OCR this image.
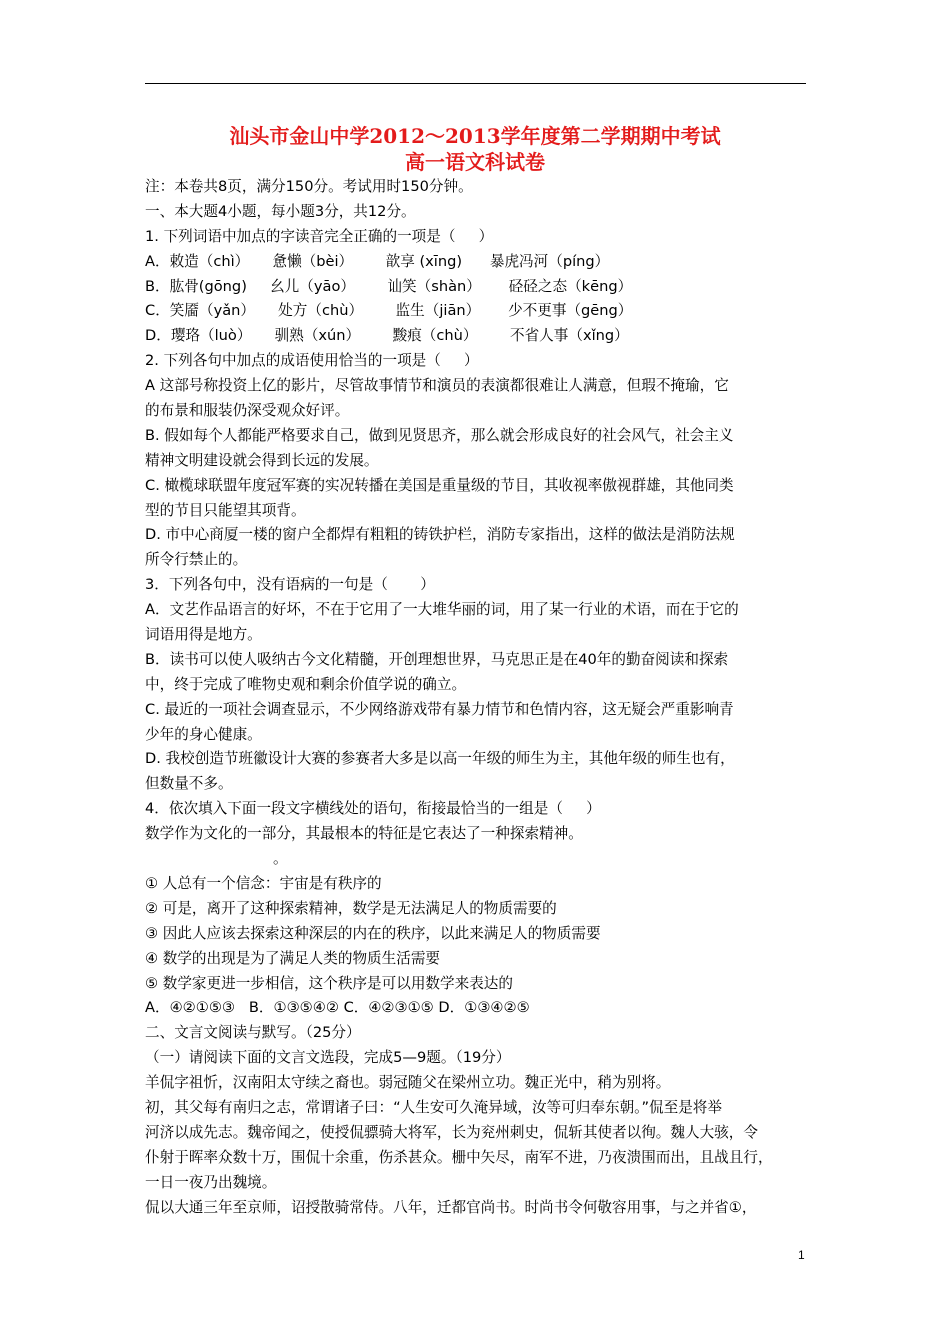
汕头市金山中学2012～2013学年度第二学期期中考试
高一语文科试卷
注：本卷共8页，满分150分。考试用时150分钟。
一、本大题4小题，每小题3分，共12分。
1. 下列词语中加点的字读音完全正确的一项是（     ）
A．敕造（chì）     惫懒（bèi）       歆享 (xīng)      暴虎冯河（píng）
B．肱骨(gōng)     幺儿（yāo）       讪笑（shàn）      硁硁之态（kēng）
C．笑靥（yǎn）     处方（chù）       监生（jiān）      少不更事（gēng）
D．璎珞（luò）     驯熟（xún）       黢痕（chù）       不省人事（xǐng）
2. 下列各句中加点的成语使用恰当的一项是（     ）
A 这部号称投资上亿的影片，尽管故事情节和演员的表演都很难让人满意，但瑕不掩瑜，它
的布景和服装仍深受观众好评。
B. 假如每个人都能严格要求自己，做到见贤思齐，那么就会形成良好的社会风气，社会主义
精神文明建设就会得到长远的发展。
C. 橄榄球联盟年度冠军赛的实况转播在美国是重量级的节目，其收视率傲视群雄，其他同类
型的节目只能望其项背。
D. 市中心商厦一楼的窗户全都焊有粗粗的铸铁护栏，消防专家指出，这样的做法是消防法规
所令行禁止的。
3．下列各句中，没有语病的一句是（       ）
A．文艺作品语言的好坏，不在于它用了一大堆华丽的词，用了某一行业的术语，而在于它的
词语用得是地方。
B．读书可以使人吸纳古今文化精髓，开创理想世界，马克思正是在40年的勤奋阅读和探索
中，终于完成了唯物史观和剩余价值学说的确立。
C. 最近的一项社会调查显示，不少网络游戏带有暴力情节和色情内容，这无疑会严重影响青
少年的身心健康。
D. 我校创造节班徽设计大赛的参赛者大多是以高一年级的师生为主，其他年级的师生也有，
但数量不多。
4．依次填入下面一段文字横线处的语句，衔接最恰当的一组是（     ）
数学作为文化的一部分，其最根本的特征是它表达了一种探索精神。
。
① 人总有一个信念：宇宙是有秩序的
② 可是，离开了这种探索精神，数学是无法满足人的物质需要的
③ 因此人应该去探索这种深层的内在的秩序，以此来满足人的物质需要
④ 数学的出现是为了满足人类的物质生活需要
⑤ 数学家更进一步相信，这个秩序是可以用数学来表达的
A．④②①⑤③   B．①③⑤④② C．④②③①⑤ D．①③④②⑤
二、文言文阅读与默写。（25分）
（一）请阅读下面的文言文选段，完成5—9题。（19分）
羊侃字祖忻，汉南阳太守续之裔也。弱冠随父在梁州立功。魏正光中，稍为别将。
初，其父每有南归之志，常谓诸子曰：“人生安可久淹异域，汝等可归奉东朝。”侃至是将举
河济以成先志。魏帝闻之，使授侃骠骑大将军，长为兖州刺史，侃斩其使者以徇。魏人大骇，令
仆射于晖率众数十万，围侃十余重，伤杀甚众。栅中矢尽，南军不进，乃夜溃围而出，且战且行，
一日一夜乃出魏境。
侃以大通三年至京师，诏授散骑常侍。八年，迁都官尚书。时尚书令何敬容用事，与之并省①，
1
